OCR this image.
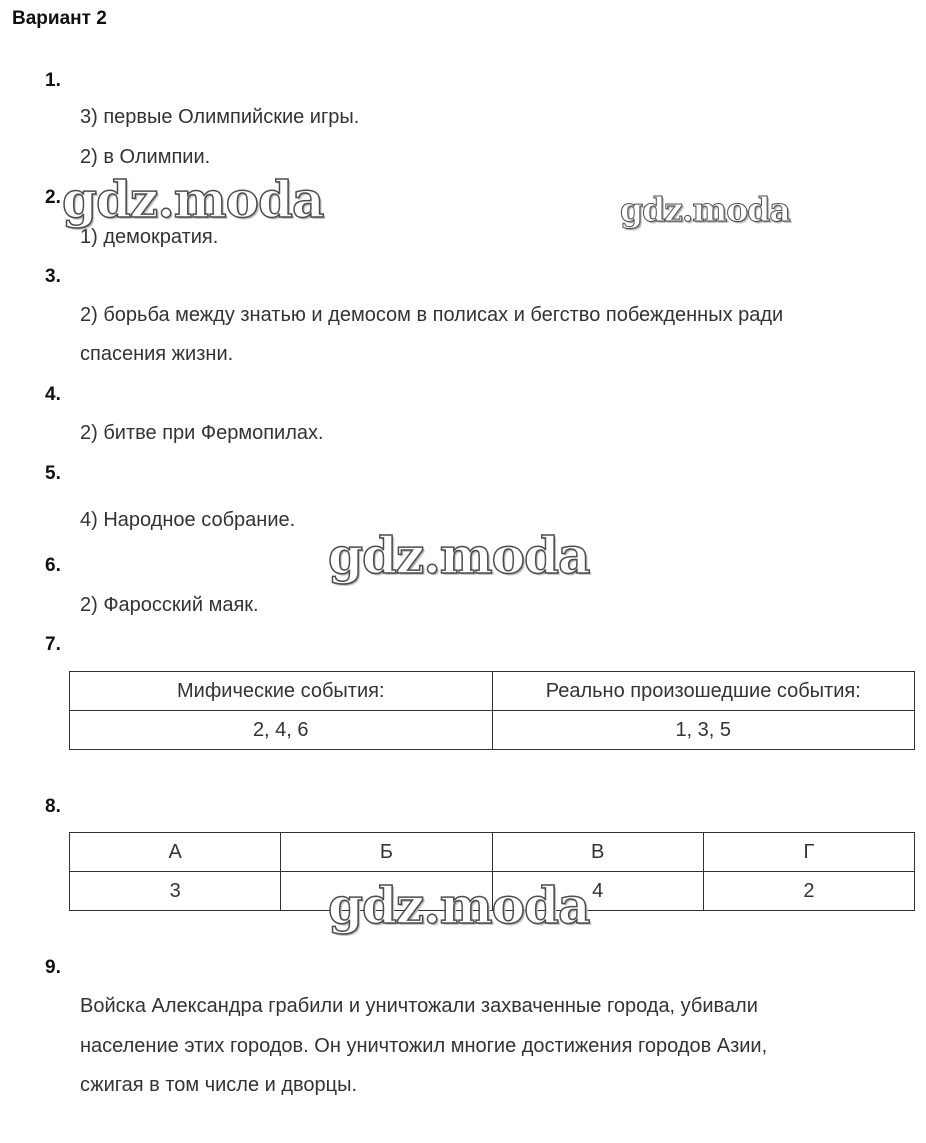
Вариант 2
1.
3) первые Олимпийские игры.
2) в Олимпии.
2.
1) демократия.
3.
2) борьба между знатью и демосом в полисах и бегство побежденных ради
спасения жизни.
4.
2) битве при Фермопилах.
5.
4) Народное собрание.
6.
2) Фаросский маяк.
7.
Мифические события:	Реально произошедшие события:
2, 4, 6	1, 3, 5
8.
А	Б	В	Г
3		4	2
9.
Войска Александра грабили и уничтожали захваченные города, убивали
население этих городов. Он уничтожил многие достижения городов Азии,
сжигая в том числе и дворцы.
gdz.moda	gdz.moda
gdz.moda
gdz.moda
